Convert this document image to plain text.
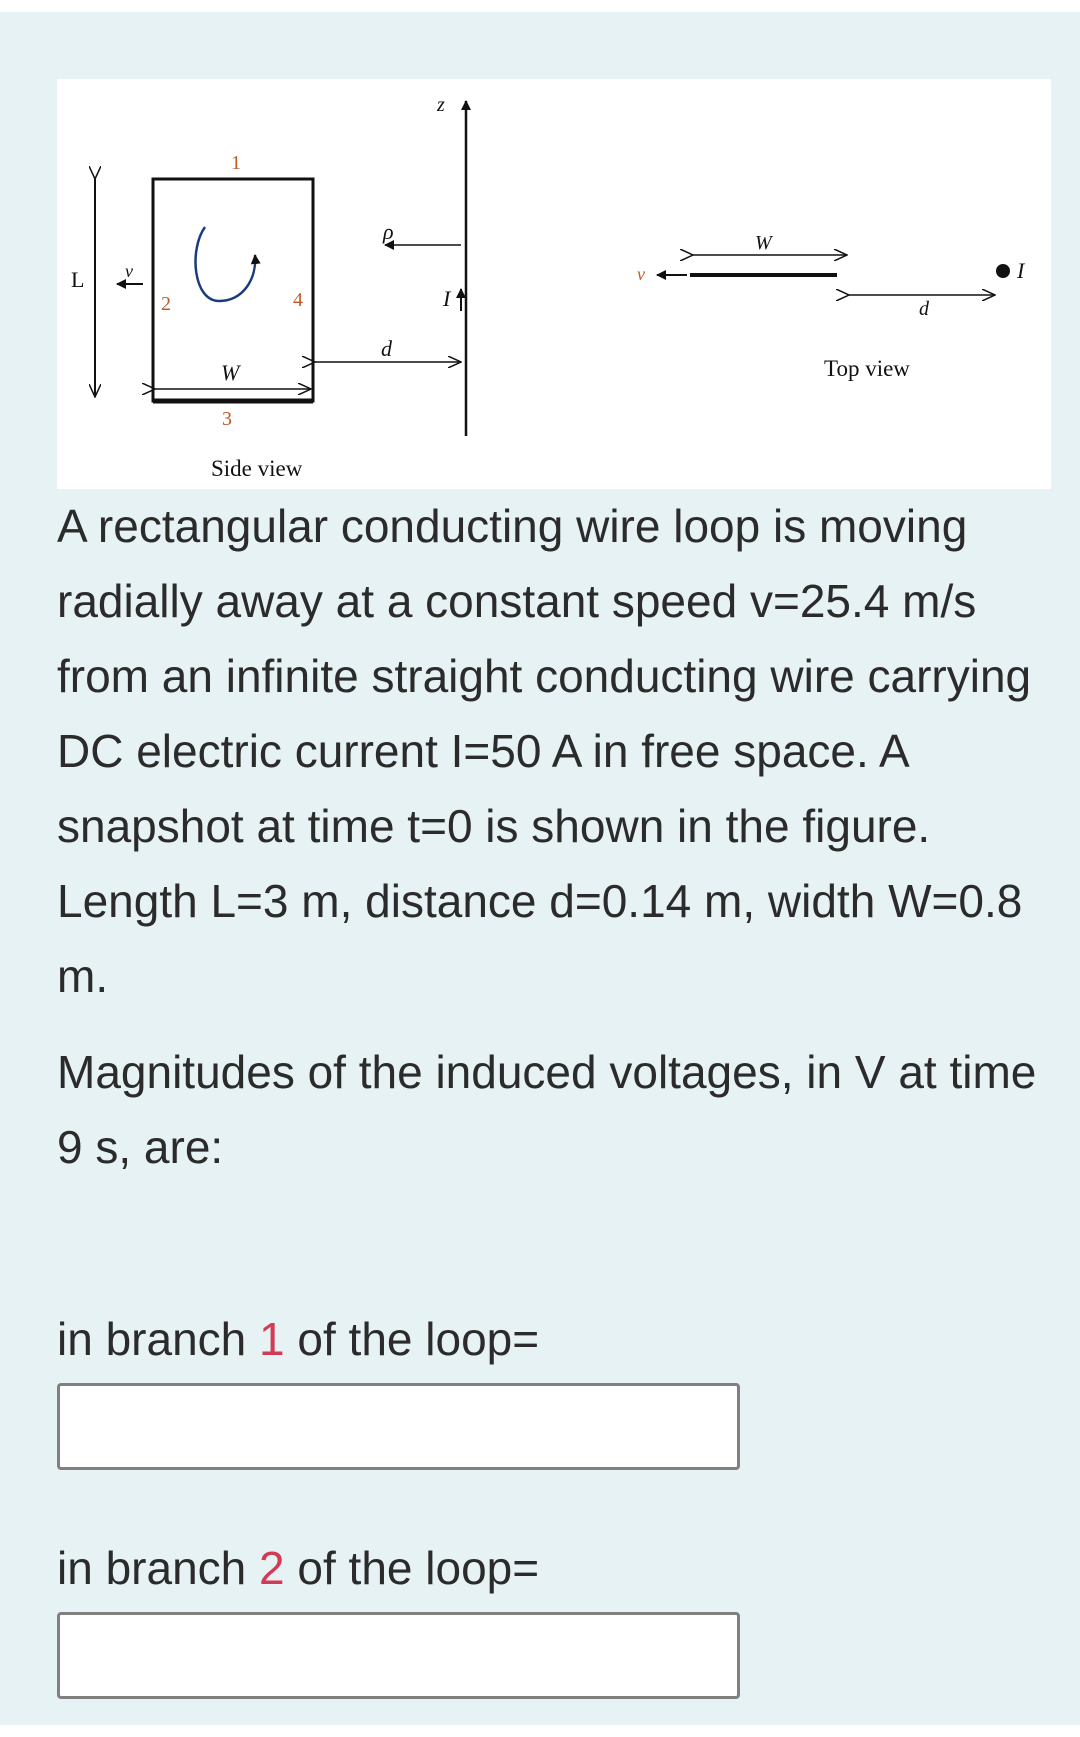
1
2
3
4
L v
W
d
ρ
z
I
Side view
W
d
v	I
Top view

A rectangular conducting wire loop is moving radially away at a constant speed v=25.4 m/s from an infinite straight conducting wire carrying DC electric current I=50 A in free space. A snapshot at time t=0 is shown in the figure. Length L=3 m, distance d=0.14 m, width W=0.8 m.

Magnitudes of the induced voltages, in V at time 9 s, are:

in branch 1 of the loop=
in branch 2 of the loop=
